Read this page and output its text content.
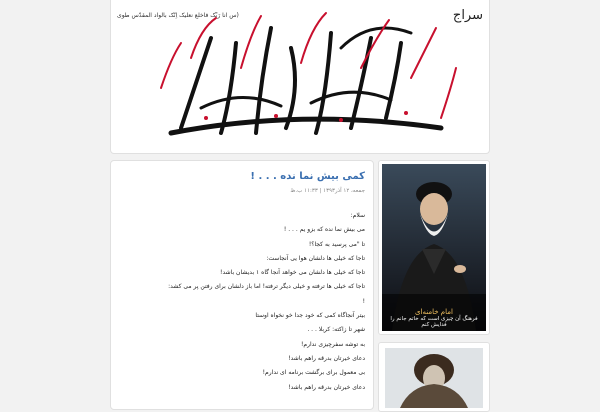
سراج
(س اَنا رَبِّک فاخلَع نعلَیک اِنَّک بالواد المقدّس طوی
کمی بیش نما نده . . . !
جمعه، ۱۲ آذر۱۳۹۳ | ۱۱:۳۳ ب.ظ

سلام:

می بیش نما نده که بزو یم . . . !

تا "می پرسید به کجا؟!

تاجا که خیلی ها دلشان هوا یی آنجاست:

تاجا که خیلی ها دلشان می خواهد آنجا گاه ۱ بدیشان باشد!

تاجا که خیلی ها ترفته و خیلی دیگر ترفته! اما باز دلشان برای رفتن پر می کشد:

!

بیتر آنجاگاه کمی که خود جدا خو نخواه اوستا

شهر تا زاکته: کربلا . . .

به توشه سفرچیزی ندارم!

دعای خیرتان بدرقه راهم باشد!

بی معمول برای برگشت برنامه ای ندارم!

دعای خیرتان بدرقه راهم باشد!

امام خامنه‌ای
فرهنگ آن چیزی است که خاتم جانم را فدایش کنم
